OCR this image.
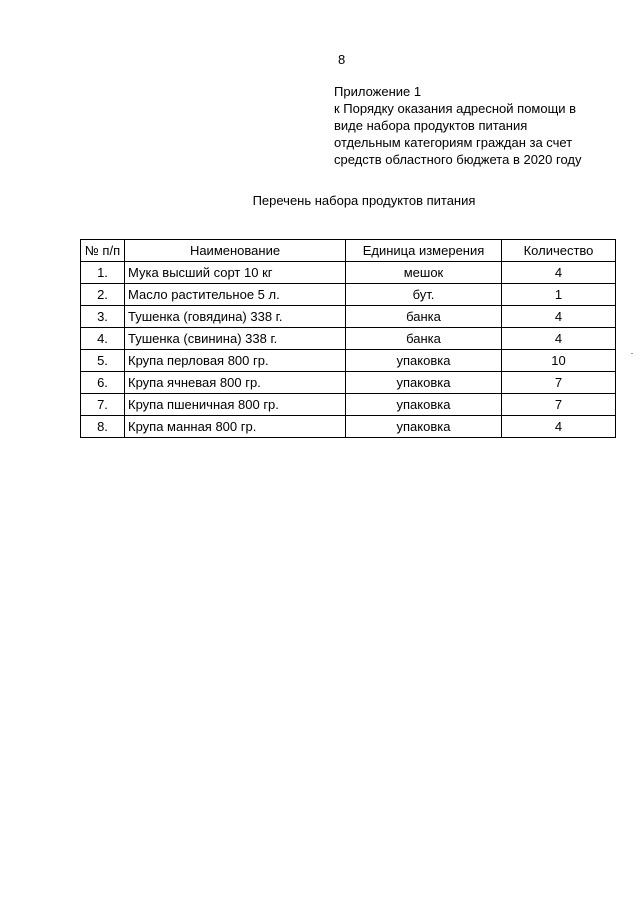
8
Приложение 1
к Порядку оказания адресной помощи в
виде набора продуктов питания
отдельным категориям граждан за счет
средств областного бюджета в 2020 году
Перечень набора продуктов питания
№ п/п	Наименование	Единица измерения	Количество
1.	Мука высший сорт 10 кг	мешок	4
2.	Масло растительное 5 л.	бут.	1
3.	Тушенка (говядина) 338 г.	банка	4
4.	Тушенка (свинина) 338 г.	банка	4
5.	Крупа перловая 800 гр.	упаковка	10
6.	Крупа ячневая 800 гр.	упаковка	7
7.	Крупа пшеничная 800 гр.	упаковка	7
8.	Крупа манная 800 гр.	упаковка	4
